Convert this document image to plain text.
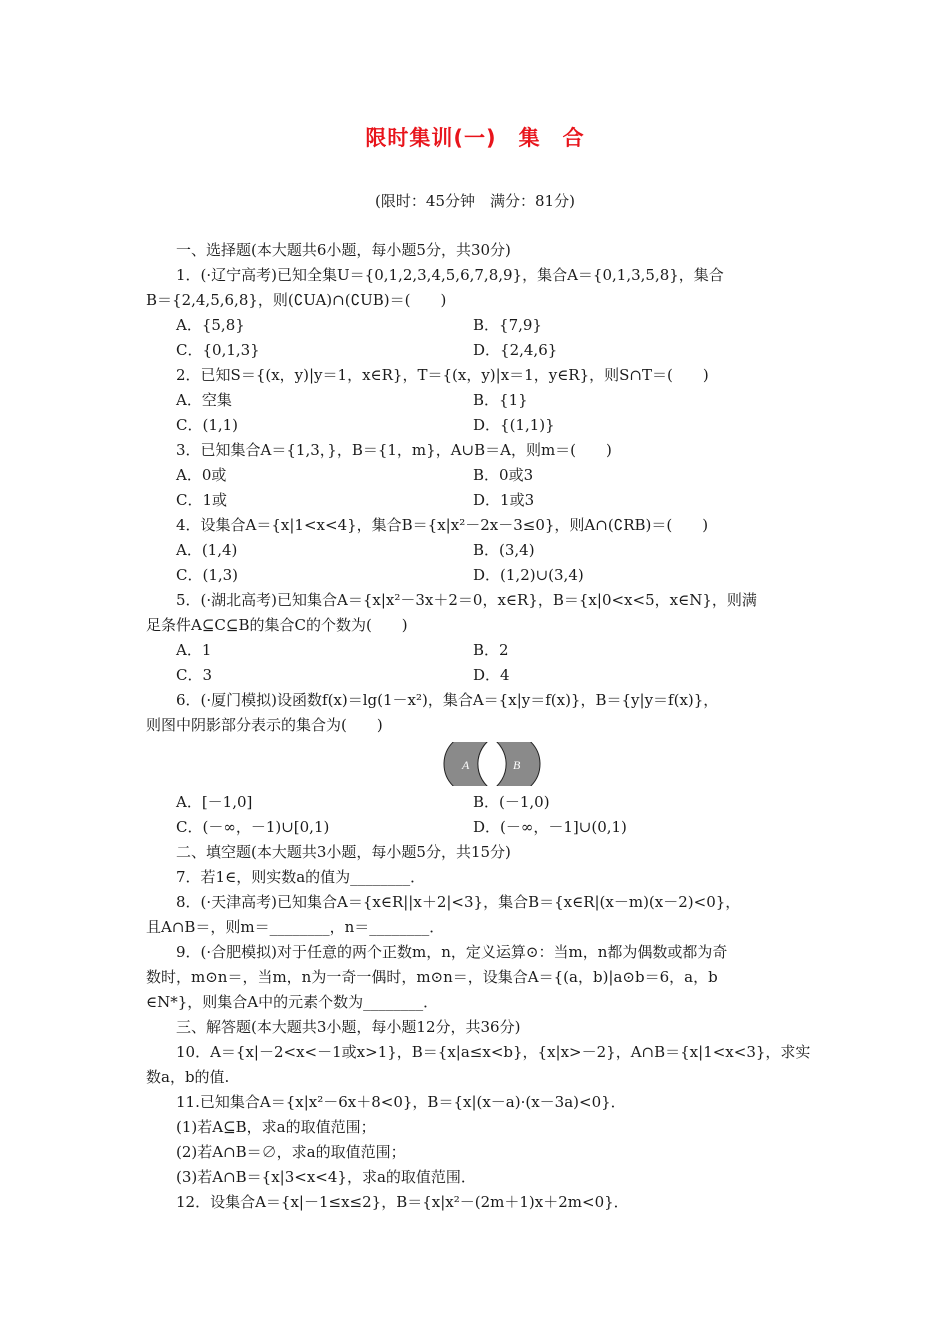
限时集训(一)　集　合
(限时：45分钟　满分：81分)
一、选择题(本大题共6小题，每小题5分，共30分)
1．(·辽宁高考)已知全集U＝{0,1,2,3,4,5,6,7,8,9}，集合A＝{0,1,3,5,8}，集合
B＝{2,4,5,6,8}，则(∁UA)∩(∁UB)＝(　　)
A．{5,8}	B．{7,9}
C．{0,1,3}	D．{2,4,6}
2．已知S＝{(x，y)|y＝1，x∈R}，T＝{(x，y)|x＝1，y∈R}，则S∩T＝(　　)
A．空集	B．{1}
C．(1,1)	D．{(1,1)}
3．已知集合A＝{1,3，}，B＝{1，m}，A∪B＝A，则m＝(　　)
A．0或	B．0或3
C．1或	D．1或3
4．设集合A＝{x|1<x<4}，集合B＝{x|x²－2x－3≤0}，则A∩(∁RB)＝(　　)
A．(1,4)	B．(3,4)
C．(1,3)	D．(1,2)∪(3,4)
5．(·湖北高考)已知集合A＝{x|x²－3x＋2＝0，x∈R}，B＝{x|0<x<5，x∈N}，则满
足条件A⊆C⊆B的集合C的个数为(　　)
A．1	B．2
C．3	D．4
6．(·厦门模拟)设函数f(x)＝lg(1－x²)，集合A＝{x|y＝f(x)}，B＝{y|y＝f(x)}，
则图中阴影部分表示的集合为(　　)
A	B
A．[－1,0]	B．(－1,0)
C．(－∞，－1)∪[0,1)	D．(－∞，－1]∪(0,1)
二、填空题(本大题共3小题，每小题5分，共15分)
7．若1∈，则实数a的值为________．
8．(·天津高考)已知集合A＝{x∈R||x＋2|<3}，集合B＝{x∈R|(x－m)(x－2)<0}，
且A∩B＝，则m＝________，n＝________．
9．(·合肥模拟)对于任意的两个正数m，n，定义运算⊙：当m，n都为偶数或都为奇
数时，m⊙n＝，当m，n为一奇一偶时，m⊙n＝，设集合A＝{(a，b)|a⊙b＝6，a，b
∈N*}，则集合A中的元素个数为________．
三、解答题(本大题共3小题，每小题12分，共36分)
10．A＝{x|－2<x<－1或x>1}，B＝{x|a≤x<b}，{x|x>－2}，A∩B＝{x|1<x<3}，求实
数a，b的值.
11.已知集合A＝{x|x²－6x＋8<0}，B＝{x|(x－a)·(x－3a)<0}．
(1)若A⊆B，求a的取值范围；
(2)若A∩B＝∅，求a的取值范围；
(3)若A∩B＝{x|3<x<4}，求a的取值范围．
12．设集合A＝{x|－1≤x≤2}，B＝{x|x²－(2m＋1)x＋2m<0}．
